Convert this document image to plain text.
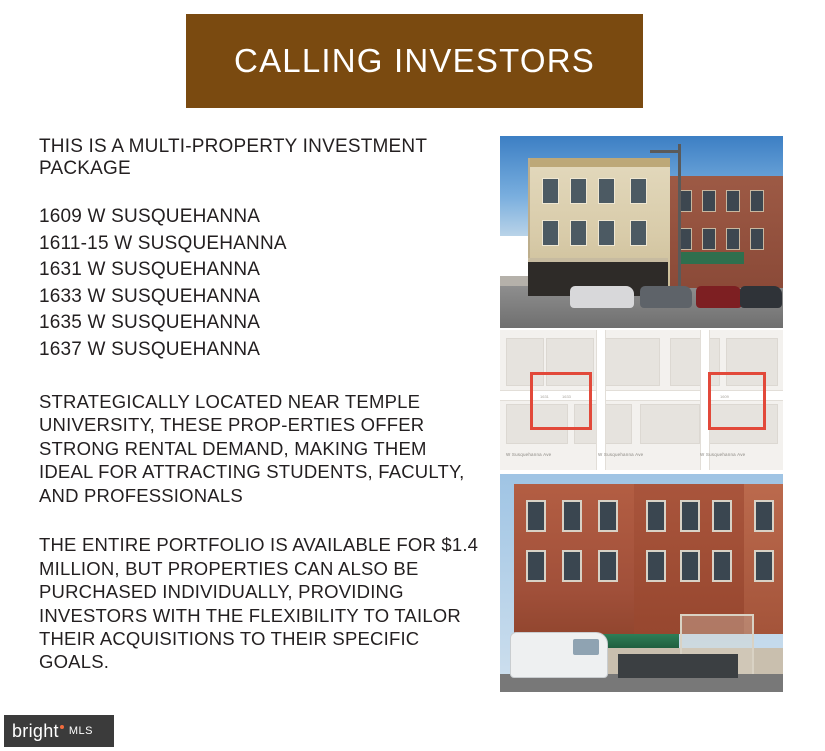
CALLING INVESTORS

THIS IS A MULTI-PROPERTY INVESTMENT PACKAGE

1609 W SUSQUEHANNA
1611-15 W SUSQUEHANNA
1631 W SUSQUEHANNA
1633 W SUSQUEHANNA
1635 W SUSQUEHANNA
1637 W SUSQUEHANNA

STRATEGICALLY LOCATED NEAR TEMPLE UNIVERSITY, THESE PROP-ERTIES OFFER STRONG RENTAL DEMAND, MAKING THEM IDEAL FOR ATTRACTING STUDENTS, FACULTY, AND PROFESSIONALS

THE ENTIRE PORTFOLIO IS AVAILABLE FOR $1.4 MILLION, BUT PROPERTIES CAN ALSO BE PURCHASED INDIVIDUALLY, PROVIDING INVESTORS WITH THE FLEXIBILITY TO TAILOR THEIR ACQUISITIONS TO THEIR SPECIFIC GOALS.

W Susquehanna Ave	W Susquehanna Ave	W Susquehanna Ave
1631	1633	1609
bright MLS
